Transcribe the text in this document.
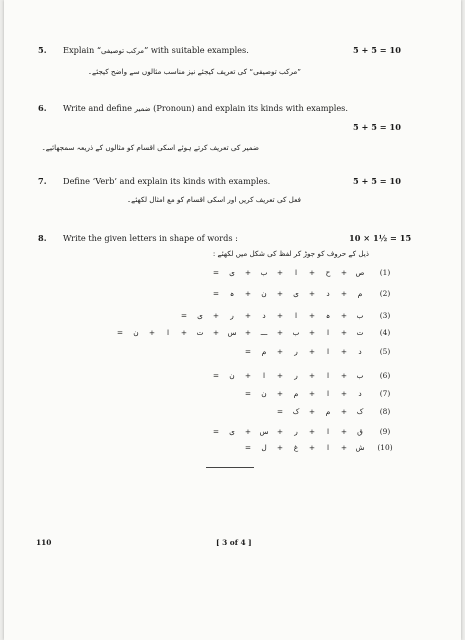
5. Explain “مرکب توصیفی” with suitable examples.	5 + 5 = 10
”مرکب توصیفی“ کی تعریف کیجئے نیز مناسب مثالوں سے واضح کیجئے۔
6. Write and define ضمیر (Pronoun) and explain its kinds with examples.
5 + 5 = 10
ضمیر کی تعریف کرتے ہوئے اسکی اقسام کو مثالوں کے ذریعہ سمجھائیے۔
7. Define ‘Verb’ and explain its kinds with examples.	5 + 5 = 10
فعل کی تعریف کریں اور اسکی اقسام کو مع امثال لکھئے۔
8. Write the given letters in shape of words :	10 × 1½ = 15
ذیل کے حروف کو جوڑ کر لفظ کی شکل میں لکھئے :
(1)
ص
+
ح
+
ا
+
ب
+
ی
=
(2)
م
+
د
+
ی
+
ن
+
ہ
=
(3)
ب
+
ہ
+
ا
+
د
+
ر
+
ی
=
(4)
ت
+
ا
+
ب
+
ـــ
+
س
+
ت
+
ا
+
ن
=
(5)
د
+
ا
+
ر
+
م
=
(6)
ب
+
ا
+
ر
+
ا
+
ن
=
(7)
د
+
ا
+
م
+
ن
=
(8)
ک
+
م
+
ک
=
(9)
ق
+
ا
+
ر
+
س
+
ی
=
(10)
ش
+
ا
+
غ
+
ل
=
110	[ 3 of 4 ]
